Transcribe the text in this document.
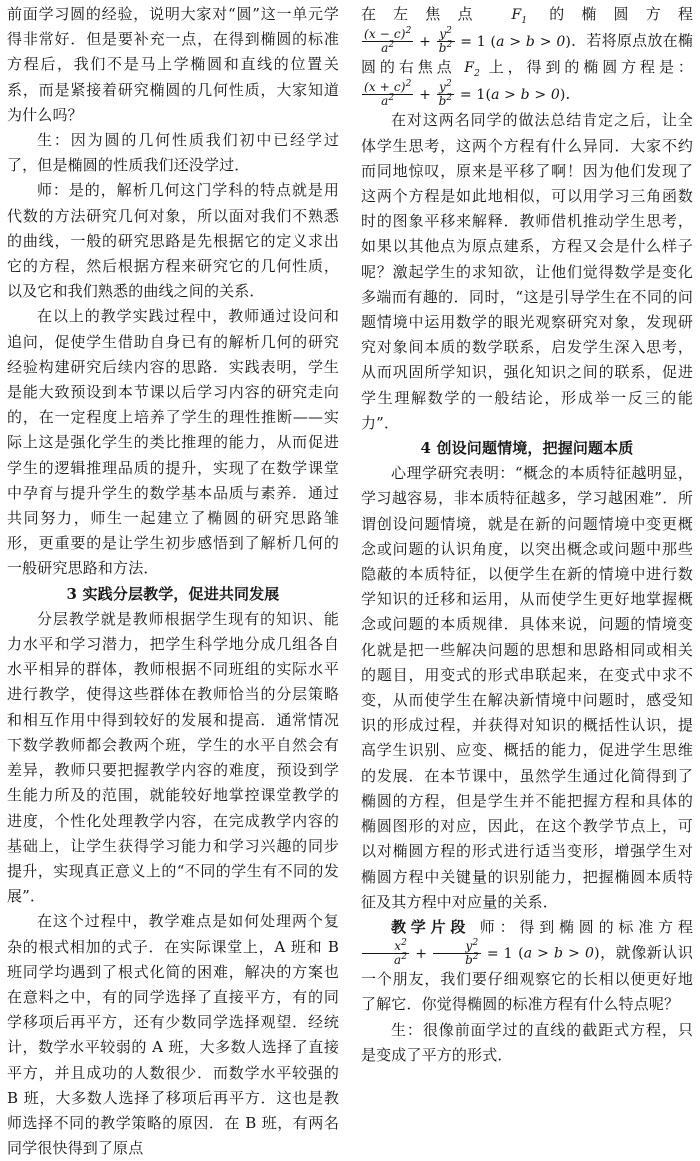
前面学习圆的经验，说明大家对“圆”这一单元学得非常好．但是要补充一点，在得到椭圆的标准方程后，我们不是马上学椭圆和直线的位置关系，而是紧接着研究椭圆的几何性质，大家知道为什么吗？

生：因为圆的几何性质我们初中已经学过了，但是椭圆的性质我们还没学过．

师：是的，解析几何这门学科的特点就是用代数的方法研究几何对象，所以面对我们不熟悉的曲线，一般的研究思路是先根据它的定义求出它的方程，然后根据方程来研究它的几何性质，以及它和我们熟悉的曲线之间的关系．

在以上的教学实践过程中，教师通过设问和追问，促使学生借助自身已有的解析几何的研究经验构建研究后续内容的思路．实践表明，学生是能大致预设到本节课以后学习内容的研究走向的，在一定程度上培养了学生的理性推断——实际上这是强化学生的类比推理的能力，从而促进学生的逻辑推理品质的提升，实现了在数学课堂中孕育与提升学生的数学基本品质与素养．通过共同努力，师生一起建立了椭圆的研究思路雏形，更重要的是让学生初步感悟到了解析几何的一般研究思路和方法．

3 实践分层教学，促进共同发展

分层教学就是教师根据学生现有的知识、能力水平和学习潜力，把学生科学地分成几组各自水平相异的群体，教师根据不同班组的实际水平进行教学，使得这些群体在教师恰当的分层策略和相互作用中得到较好的发展和提高．通常情况下数学教师都会教两个班，学生的水平自然会有差异，教师只要把握教学内容的难度，预设到学生能力所及的范围，就能较好地掌控课堂教学的进度，个性化处理教学内容，在完成教学内容的基础上，让学生获得学习能力和学习兴趣的同步提升，实现真正意义上的“不同的学生有不同的发展”．

在这个过程中，教学难点是如何处理两个复杂的根式相加的式子．在实际课堂上，A 班和 B 班同学均遇到了根式化简的困难，解决的方案也在意料之中，有的同学选择了直接平方，有的同学移项后再平方，还有少数同学选择观望．经统计，数学水平较弱的 A 班，大多数人选择了直接平方，并且成功的人数很少．而数学水平较强的 B 班，大多数人选择了移项后再平方．这也是教师选择不同的教学策略的原因．在 B 班，有两名同学很快得到了原点

在左焦点 $F_1$ 的椭圆方程
$\frac{(x - c)^2}{a^2} + \frac{y^2}{b^2} = 1$ (a > b > 0)．若将原点放在椭圆的右焦点 $F_2$ 上，得到的椭圆方程是：
$\frac{(x + c)^2}{a^2} + \frac{y^2}{b^2} = 1(a > b > 0)$．

在对这两名同学的做法总结肯定之后，让全体学生思考，这两个方程有什么异同．大家不约而同地惊叹，原来是平移了啊！因为他们发现了这两个方程是如此地相似，可以用学习三角函数时的图象平移来解释．教师借机推动学生思考，如果以其他点为原点建系，方程又会是什么样子呢？激起学生的求知欲，让他们觉得数学是变化多端而有趣的．同时，“这是引导学生在不同的问题情境中运用数学的眼光观察研究对象，发现研究对象间本质的数学联系，启发学生深入思考，从而巩固所学知识，强化知识之间的联系，促进学生理解数学的一般结论，形成举一反三的能力”．

4 创设问题情境，把握问题本质

心理学研究表明：“概念的本质特征越明显，学习越容易，非本质特征越多，学习越困难”．所谓创设问题情境，就是在新的问题情境中变更概念或问题的认识角度，以突出概念或问题中那些隐蔽的本质特征，以便学生在新的情境中进行数学知识的迁移和运用，从而使学生更好地掌握概念或问题的本质规律．具体来说，问题的情境变化就是把一些解决问题的思想和思路相同或相关的题目，用变式的形式串联起来，在变式中求不变，从而使学生在解决新情境中问题时，感受知识的形成过程，并获得对知识的概括性认识，提高学生识别、应变、概括的能力，促进学生思维的发展．在本节课中，虽然学生通过化简得到了椭圆的方程，但是学生并不能把握方程和具体的椭圆图形的对应，因此，在这个教学节点上，可以对椭圆方程的形式进行适当变形，增强学生对椭圆方程中关键量的识别能力，把握椭圆本质特征及其方程中对应量的关系．

教学片段 师：得到椭圆的标准方程
$\frac{x^2}{a^2} + \frac{y^2}{b^2} = 1$ (a > b > 0)，就像新认识一个朋友，我们要仔细观察它的长相以便更好地了解它．你觉得椭圆的标准方程有什么特点呢？

生：很像前面学过的直线的截距式方程，只是变成了平方的形式．
